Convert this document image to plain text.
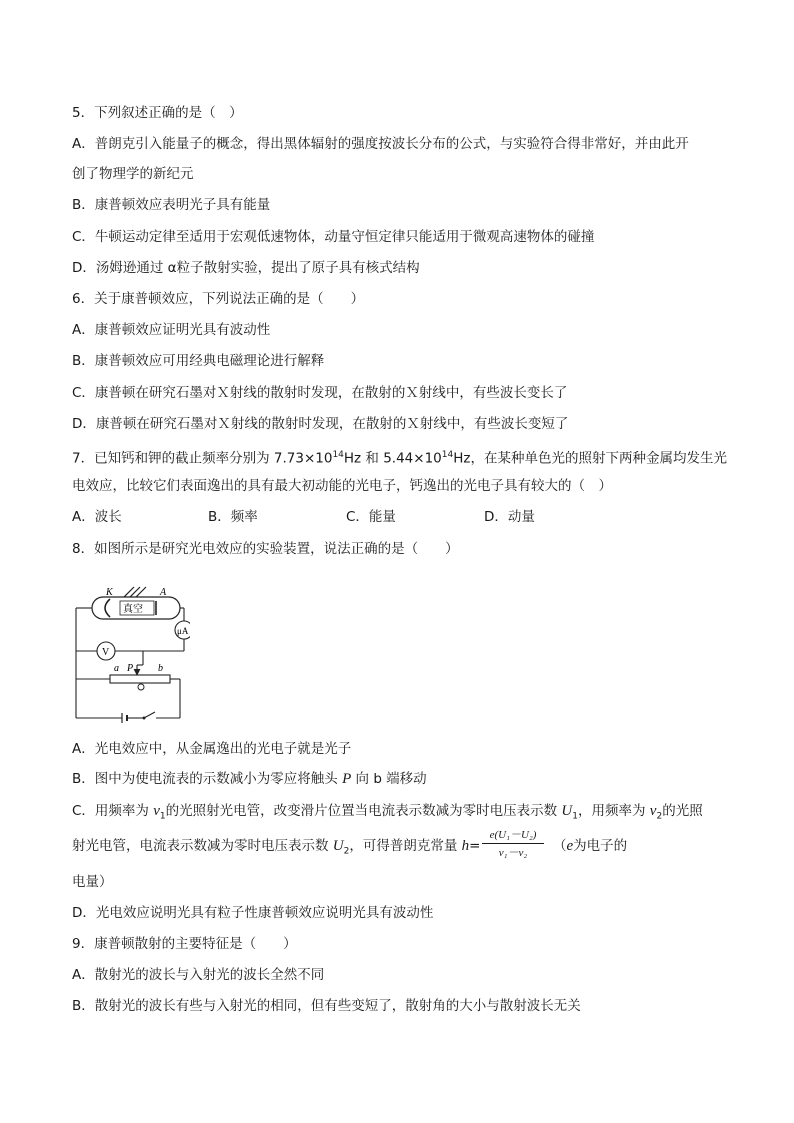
5．下列叙述正确的是（　）
A．普朗克引入能量子的概念，得出黑体辐射的强度按波长分布的公式，与实验符合得非常好，并由此开
创了物理学的新纪元
B．康普顿效应表明光子具有能量
C．牛顿运动定律至适用于宏观低速物体，动量守恒定律只能适用于微观高速物体的碰撞
D．汤姆逊通过 α粒子散射实验，提出了原子具有核式结构
6．关于康普顿效应，下列说法正确的是（　　）
A．康普顿效应证明光具有波动性
B．康普顿效应可用经典电磁理论进行解释
C．康普顿在研究石墨对Ｘ射线的散射时发现，在散射的Ｘ射线中，有些波长变长了
D．康普顿在研究石墨对Ｘ射线的散射时发现，在散射的Ｘ射线中，有些波长变短了
7．已知钙和钾的截止频率分别为 $7.73\times 10^{14}Hz$ 和 $5.44\times 10^{14}Hz$，在某种单色光的照射下两种金属均发生光
电效应，比较它们表面逸出的具有最大初动能的光电子，钙逸出的光电子具有较大的（　）
A．波长	B．频率	C．能量	D．动量
8．如图所示是研究光电效应的实验装置，说法正确的是（　　）
K	A
真空
μA
V
a P b
A．光电效应中，从金属逸出的光电子就是光子
B．图中为使电流表的示数减小为零应将触头 P 向 b 端移动
C．用频率为 $v_1$的光照射光电管，改变滑片位置当电流表示数减为零时电压表示数 $U_1$，用频率为 $v_2$的光照
射光电管，电流表示数减为零时电压表示数 $U_2$，可得普朗克常量 $h= \frac{\text{e(U₁－U₂)}}{\text{ν₁－ν₂}} (e$为电子的
电量）
D．光电效应说明光具有粒子性康普顿效应说明光具有波动性
9．康普顿散射的主要特征是（　　）
A．散射光的波长与入射光的波长全然不同
B．散射光的波长有些与入射光的相同，但有些变短了，散射角的大小与散射波长无关
